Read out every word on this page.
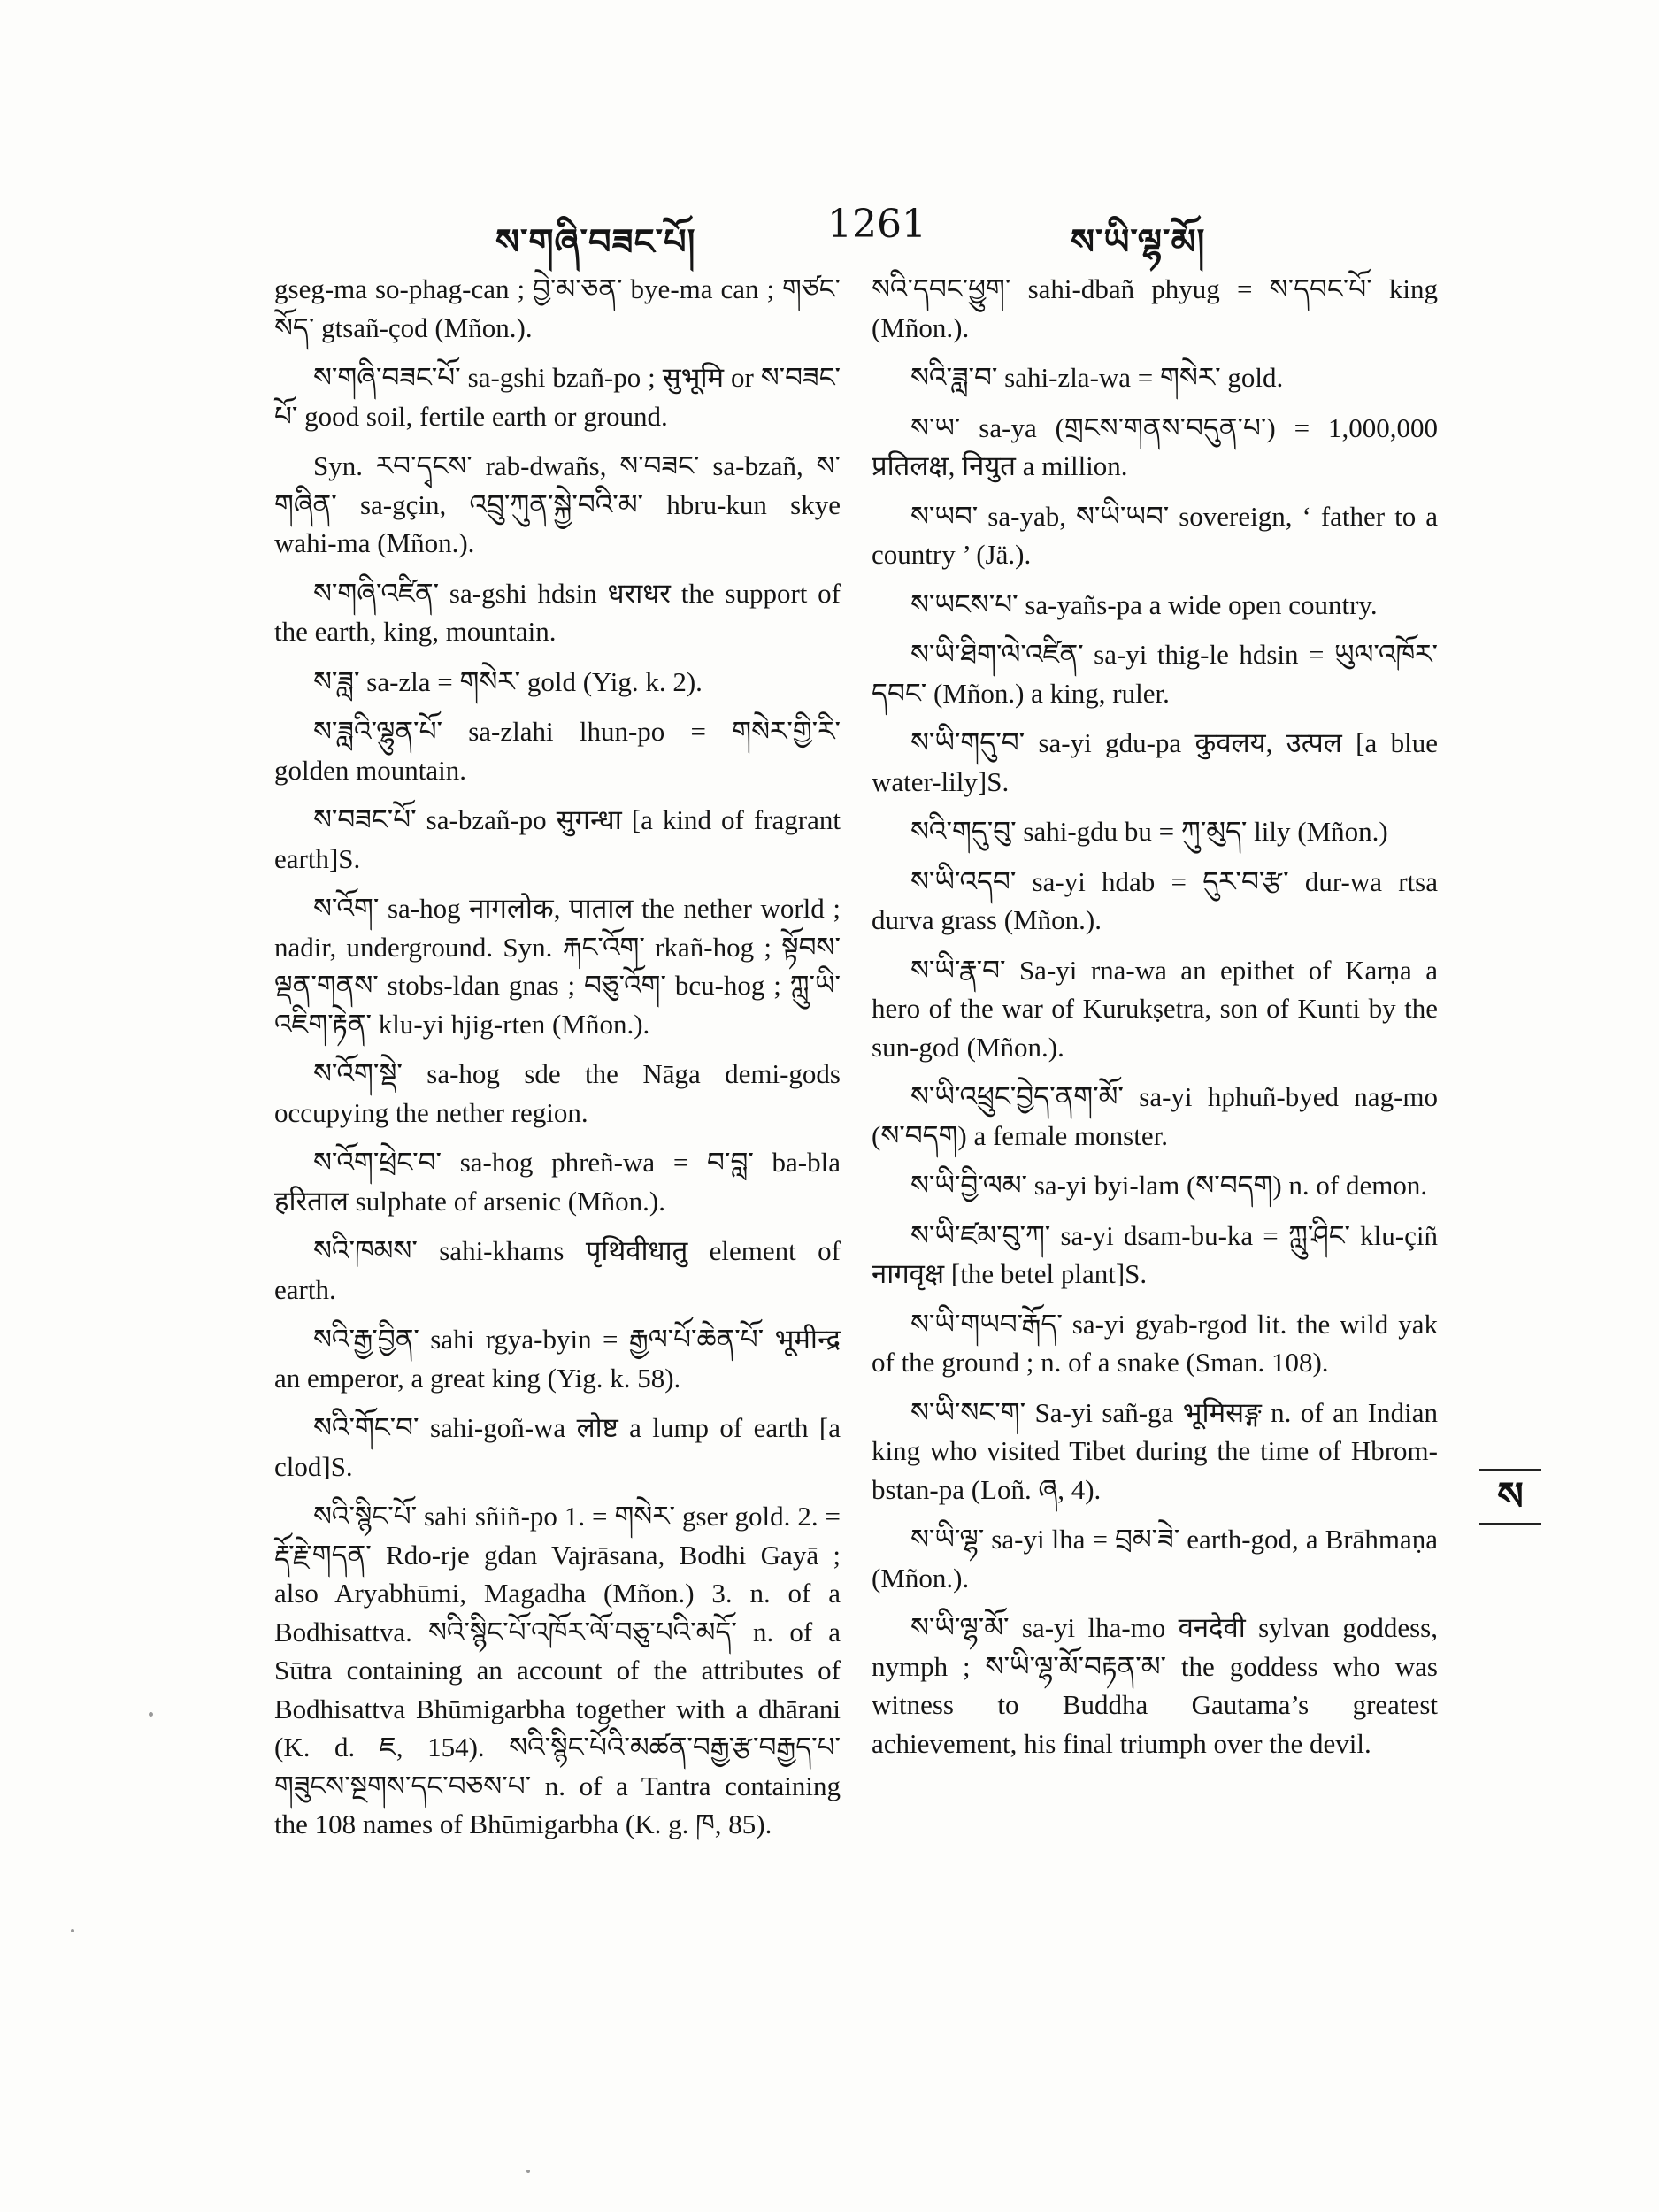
ས་གཞི་བཟང་པོ།	1261	ས་ཡི་ལྷ་མོ།

gseg-ma so-phag-can ; བྱེ་མ་ཅན་ bye-ma can ; གཙང་སོད་ gtsañ-çod (Mñon.).

ས་གཞི་བཟང་པོ་ sa-gshi bzañ-po ; सुभूमि or ས་བཟང་པོ་ good soil, fertile earth or ground.

Syn. རབ་དྭངས་ rab-dwañs, ས་བཟང་ sa-bzañ, ས་གཞིན་ sa-gçin, འབྲུ་ཀུན་སྐྱེ་བའི་མ་ hbru-kun skye wahi-ma (Mñon.).

ས་གཞི་འཛིན་ sa-gshi hdsin धराधर the support of the earth, king, mountain.

ས་ཟླ་ sa-zla = གསེར་ gold (Yig. k. 2).

ས་ཟླའི་ལྷུན་པོ་ sa-zlahi lhun-po = གསེར་གྱི་རི་ golden mountain.

ས་བཟང་པོ་ sa-bzañ-po सुगन्धा [a kind of fragrant earth]S.

ས་འོག་ sa-hog नागलोक, पाताल the nether world ; nadir, underground. Syn. རྐང་འོག་ rkañ-hog ; སྟོབས་ལྡན་གནས་ stobs-ldan gnas ; བཅུ་འོག་ bcu-hog ; ཀླུ་ཡི་འཇིག་རྟེན་ klu-yi hjig-rten (Mñon.).

ས་འོག་སྡེ་ sa-hog sde the Nāga demi-gods occupying the nether region.

ས་འོག་ཕྲེང་བ་ sa-hog phreñ-wa = བ་བླ་ ba-bla हरिताल sulphate of arsenic (Mñon.).

སའི་ཁམས་ sahi-khams पृथिवीधातु element of earth.

སའི་རྒྱ་བྱིན་ sahi rgya-byin = རྒྱལ་པོ་ཆེན་པོ་ भूमीन्द्र an emperor, a great king (Yig. k. 58).

སའི་གོང་བ་ sahi-goñ-wa लोष्ट a lump of earth [a clod]S.

སའི་སྙིང་པོ་ sahi sñiñ-po 1. = གསེར་ gser gold. 2. = རྡོ་རྗེ་གདན་ Rdo-rje gdan Vajrāsana, Bodhi Gayā ; also Aryabhūmi, Magadha (Mñon.) 3. n. of a Bodhisattva. སའི་སྙིང་པོ་འཁོར་ལོ་བཅུ་པའི་མདོ་ n. of a Sūtra containing an account of the attributes of Bodhisattva Bhūmigarbha together with a dhārani (K. d. ཇ, 154). སའི་སྙིང་པོའི་མཚན་བརྒྱ་རྩ་བརྒྱད་པ་གཟུངས་སྔགས་དང་བཅས་པ་ n. of a Tantra containing the 108 names of Bhūmigarbha (K. g. ཁ, 85).

སའི་དབང་ཕྱུག་ sahi-dbañ phyug = ས་དབང་པོ་ king (Mñon.).

སའི་ཟླ་བ་ sahi-zla-wa = གསེར་ gold.

ས་ཡ་ sa-ya (གྲངས་གནས་བདུན་པ་) = 1,000,000 प्रतिलक्ष, नियुत a million.

ས་ཡབ་ sa-yab, ས་ཡི་ཡབ་ sovereign, ‘ father to a country ’ (Jä.).

ས་ཡངས་པ་ sa-yañs-pa a wide open country.

ས་ཡི་ཐིག་ལེ་འཛིན་ sa-yi thig-le hdsin = ཡུལ་འཁོར་དབང་ (Mñon.) a king, ruler.

ས་ཡི་གདུ་བ་ sa-yi gdu-pa कुवलय, उत्पल [a blue water-lily]S.

སའི་གདུ་བུ་ sahi-gdu bu = ཀུ་མུད་ lily (Mñon.)

ས་ཡི་འདབ་ sa-yi hdab = དུར་བ་རྩ་ dur-wa rtsa durva grass (Mñon.).

ས་ཡི་རྣ་བ་ Sa-yi rna-wa an epithet of Karṇa a hero of the war of Kurukṣetra, son of Kunti by the sun-god (Mñon.).

ས་ཡི་འཕྲུང་བྱེད་ནག་མོ་ sa-yi hphuñ-byed nag-mo (ས་བདག) a female monster.

ས་ཡི་བྱི་ལམ་ sa-yi byi-lam (ས་བདག) n. of demon.

ས་ཡི་ཛམ་བུ་ཀ་ sa-yi dsam-bu-ka = ཀླུ་ཤིང་ klu-çiñ नागवृक्ष [the betel plant]S.

ས་ཡི་གཡབ་རྒོད་ sa-yi gyab-rgod lit. the wild yak of the ground ; n. of a snake (Sman. 108).

ས་ཡི་སང་ག་ Sa-yi sañ-ga भूमिसङ्ग n. of an Indian king who visited Tibet during the time of Hbrom-bstan-pa (Loñ. ཞ, 4).

ས་ཡི་ལྷ་ sa-yi lha = བྲམ་ཟེ་ earth-god, a Brāhmaṇa (Mñon.).

ས་ཡི་ལྷ་མོ་ sa-yi lha-mo वनदेवी sylvan goddess, nymph ; ས་ཡི་ལྷ་མོ་བརྟན་མ་ the goddess who was witness to Buddha Gautama’s greatest achievement, his final triumph over the devil.

ས
